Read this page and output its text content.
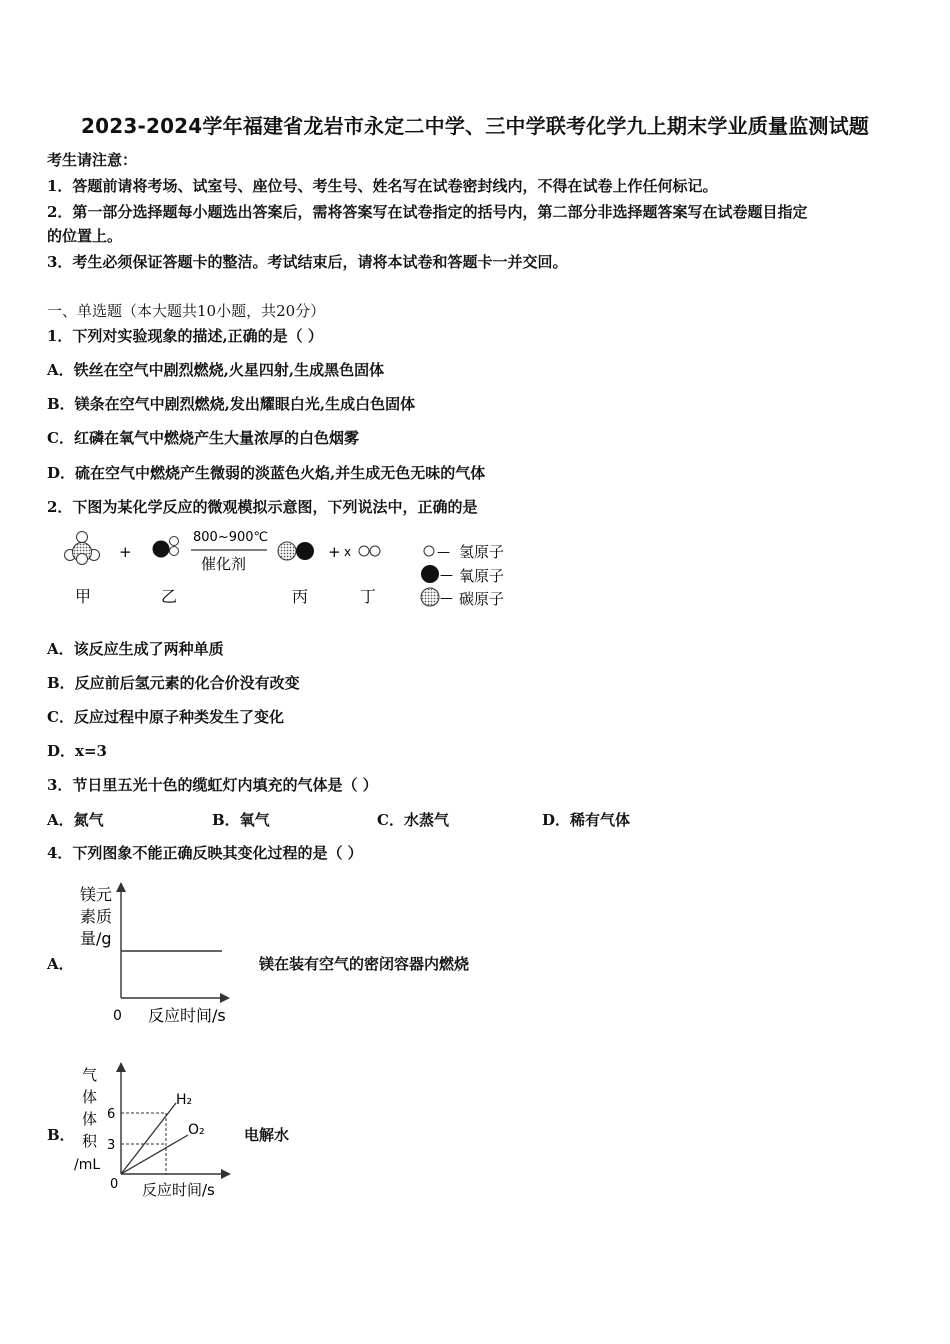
2023-2024学年福建省龙岩市永定二中学、三中学联考化学九上期末学业质量监测试题
考生请注意：
1．答题前请将考场、试室号、座位号、考生号、姓名写在试卷密封线内，不得在试卷上作任何标记。
2．第一部分选择题每小题选出答案后，需将答案写在试卷指定的括号内，第二部分非选择题答案写在试卷题目指定
的位置上。
3．考生必须保证答题卡的整洁。考试结束后，请将本试卷和答题卡一并交回。
一、单选题（本大题共10小题，共20分）
1．下列对实验现象的描述,正确的是（ ）
A．铁丝在空气中剧烈燃烧,火星四射,生成黑色固体
B．镁条在空气中剧烈燃烧,发出耀眼白光,生成白色固体
C．红磷在氧气中燃烧产生大量浓厚的白色烟雾
D．硫在空气中燃烧产生微弱的淡蓝色火焰,并生成无色无味的气体
2．下图为某化学反应的微观模拟示意图，下列说法中，正确的是
+
800~900℃
催化剂
+ x
甲	乙	丙	丁
— 氢原子
— 氧原子
— 碳原子
A．该反应生成了两种单质
B．反应前后氢元素的化合价没有改变
C．反应过程中原子种类发生了变化
D．x=3
3．节日里五光十色的缆虹灯内填充的气体是（ ）
A．氮气	B．氧气	C．水蒸气	D．稀有气体
4．下列图象不能正确反映其变化过程的是（ ）
A．
镁元
素质
量/g
0 反应时间/s
镁在装有空气的密闭容器内燃烧
B．
气
体
体
积
/mL
6
3
H₂
O₂
0 反应时间/s
电解水
